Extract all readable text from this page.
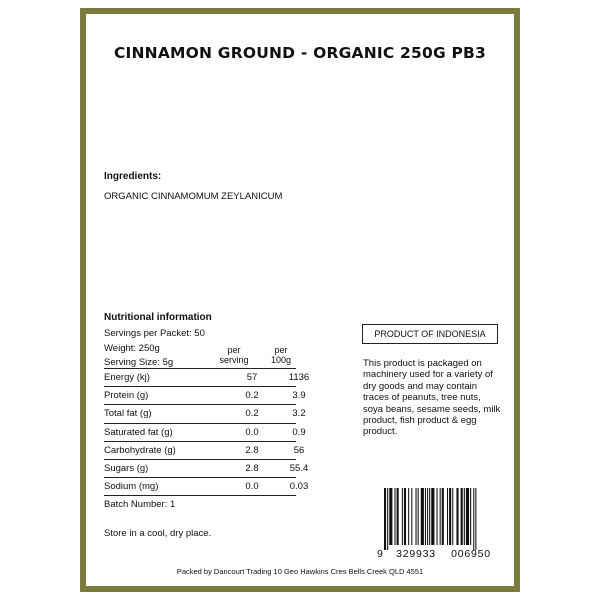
CINNAMON GROUND - ORGANIC 250G PB3
Ingredients:
ORGANIC CINNAMOMUM ZEYLANICUM
Nutritional information
Servings per Packet: 50
Weight: 250g
Serving Size: 5g
per
serving
per
100g
Energy (kj)	57	1136
Protein (g)	0.2	3.9
Total fat (g)	0.2	3.2
Saturated fat (g)	0.0	0.9
Carbohydrate (g)	2.8	56
Sugars (g)	2.8	55.4
Sodium (mg)	0.0	0.03
Batch Number: 1
Store in a cool, dry place.
PRODUCT OF INDONESIA
This product is packaged on machinery used for a variety of dry goods and may contain traces of peanuts, tree nuts, soya beans, sesame seeds, milk product, fish product & egg product.
9 329933 006950
Packed by Dancourt Trading 10 Geo Hawkins Cres Bells Creek QLD 4551
